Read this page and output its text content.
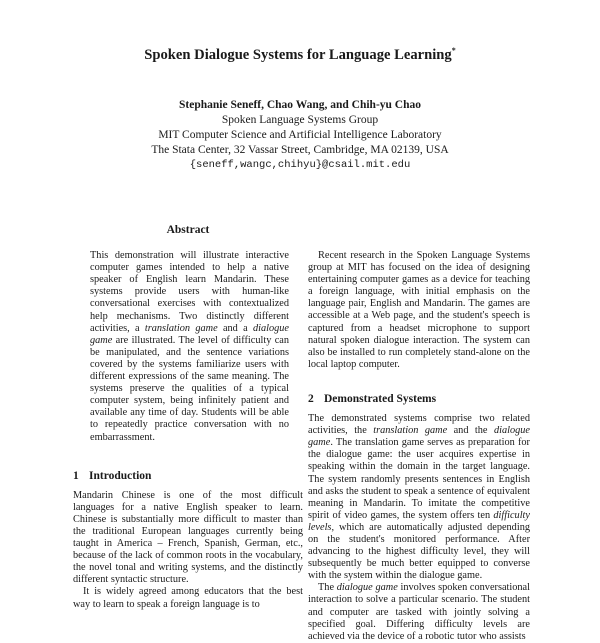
Spoken Dialogue Systems for Language Learning*
Stephanie Seneff, Chao Wang, and Chih-yu Chao
Spoken Language Systems Group
MIT Computer Science and Artificial Intelligence Laboratory
The Stata Center, 32 Vassar Street, Cambridge, MA 02139, USA
{seneff,wangc,chihyu}@csail.mit.edu
Abstract

This demonstration will illustrate interactive computer games intended to help a native speaker of English learn Mandarin. These systems provide users with human-like conversational exercises with contextualized help mechanisms. Two distinctly different activities, a translation game and a dialogue game are illustrated. The level of difficulty can be manipulated, and the sentence variations covered by the systems familiarize users with different expressions of the same meaning. The systems preserve the qualities of a typical computer system, being infinitely patient and available any time of day. Students will be able to repeatedly practice conversation with no embarrassment.

1 Introduction

Mandarin Chinese is one of the most difficult languages for a native English speaker to learn. Chinese is substantially more difficult to master than the traditional European languages currently being taught in America – French, Spanish, German, etc., because of the lack of common roots in the vocabulary, the novel tonal and writing systems, and the distinctly different syntactic structure.

It is widely agreed among educators that the best way to learn to speak a foreign language is to

Recent research in the Spoken Language Systems group at MIT has focused on the idea of designing entertaining computer games as a device for teaching a foreign language, with initial emphasis on the language pair, English and Mandarin. The games are accessible at a Web page, and the student's speech is captured from a headset microphone to support natural spoken dialogue interaction. The system can also be installed to run completely stand-alone on the local laptop computer.

2 Demonstrated Systems

The demonstrated systems comprise two related activities, the translation game and the dialogue game. The translation game serves as preparation for the dialogue game: the user acquires expertise in speaking within the domain in the target language. The system randomly presents sentences in English and asks the student to speak a sentence of equivalent meaning in Mandarin. To imitate the competitive spirit of video games, the system offers ten difficulty levels, which are automatically adjusted depending on the student's monitored performance. After advancing to the highest difficulty level, they will subsequently be much better equipped to converse with the system within the dialogue game.

The dialogue game involves spoken conversational interaction to solve a particular scenario. The student and computer are tasked with jointly solving a specified goal. Differing difficulty levels are achieved via the device of a robotic tutor who assists
